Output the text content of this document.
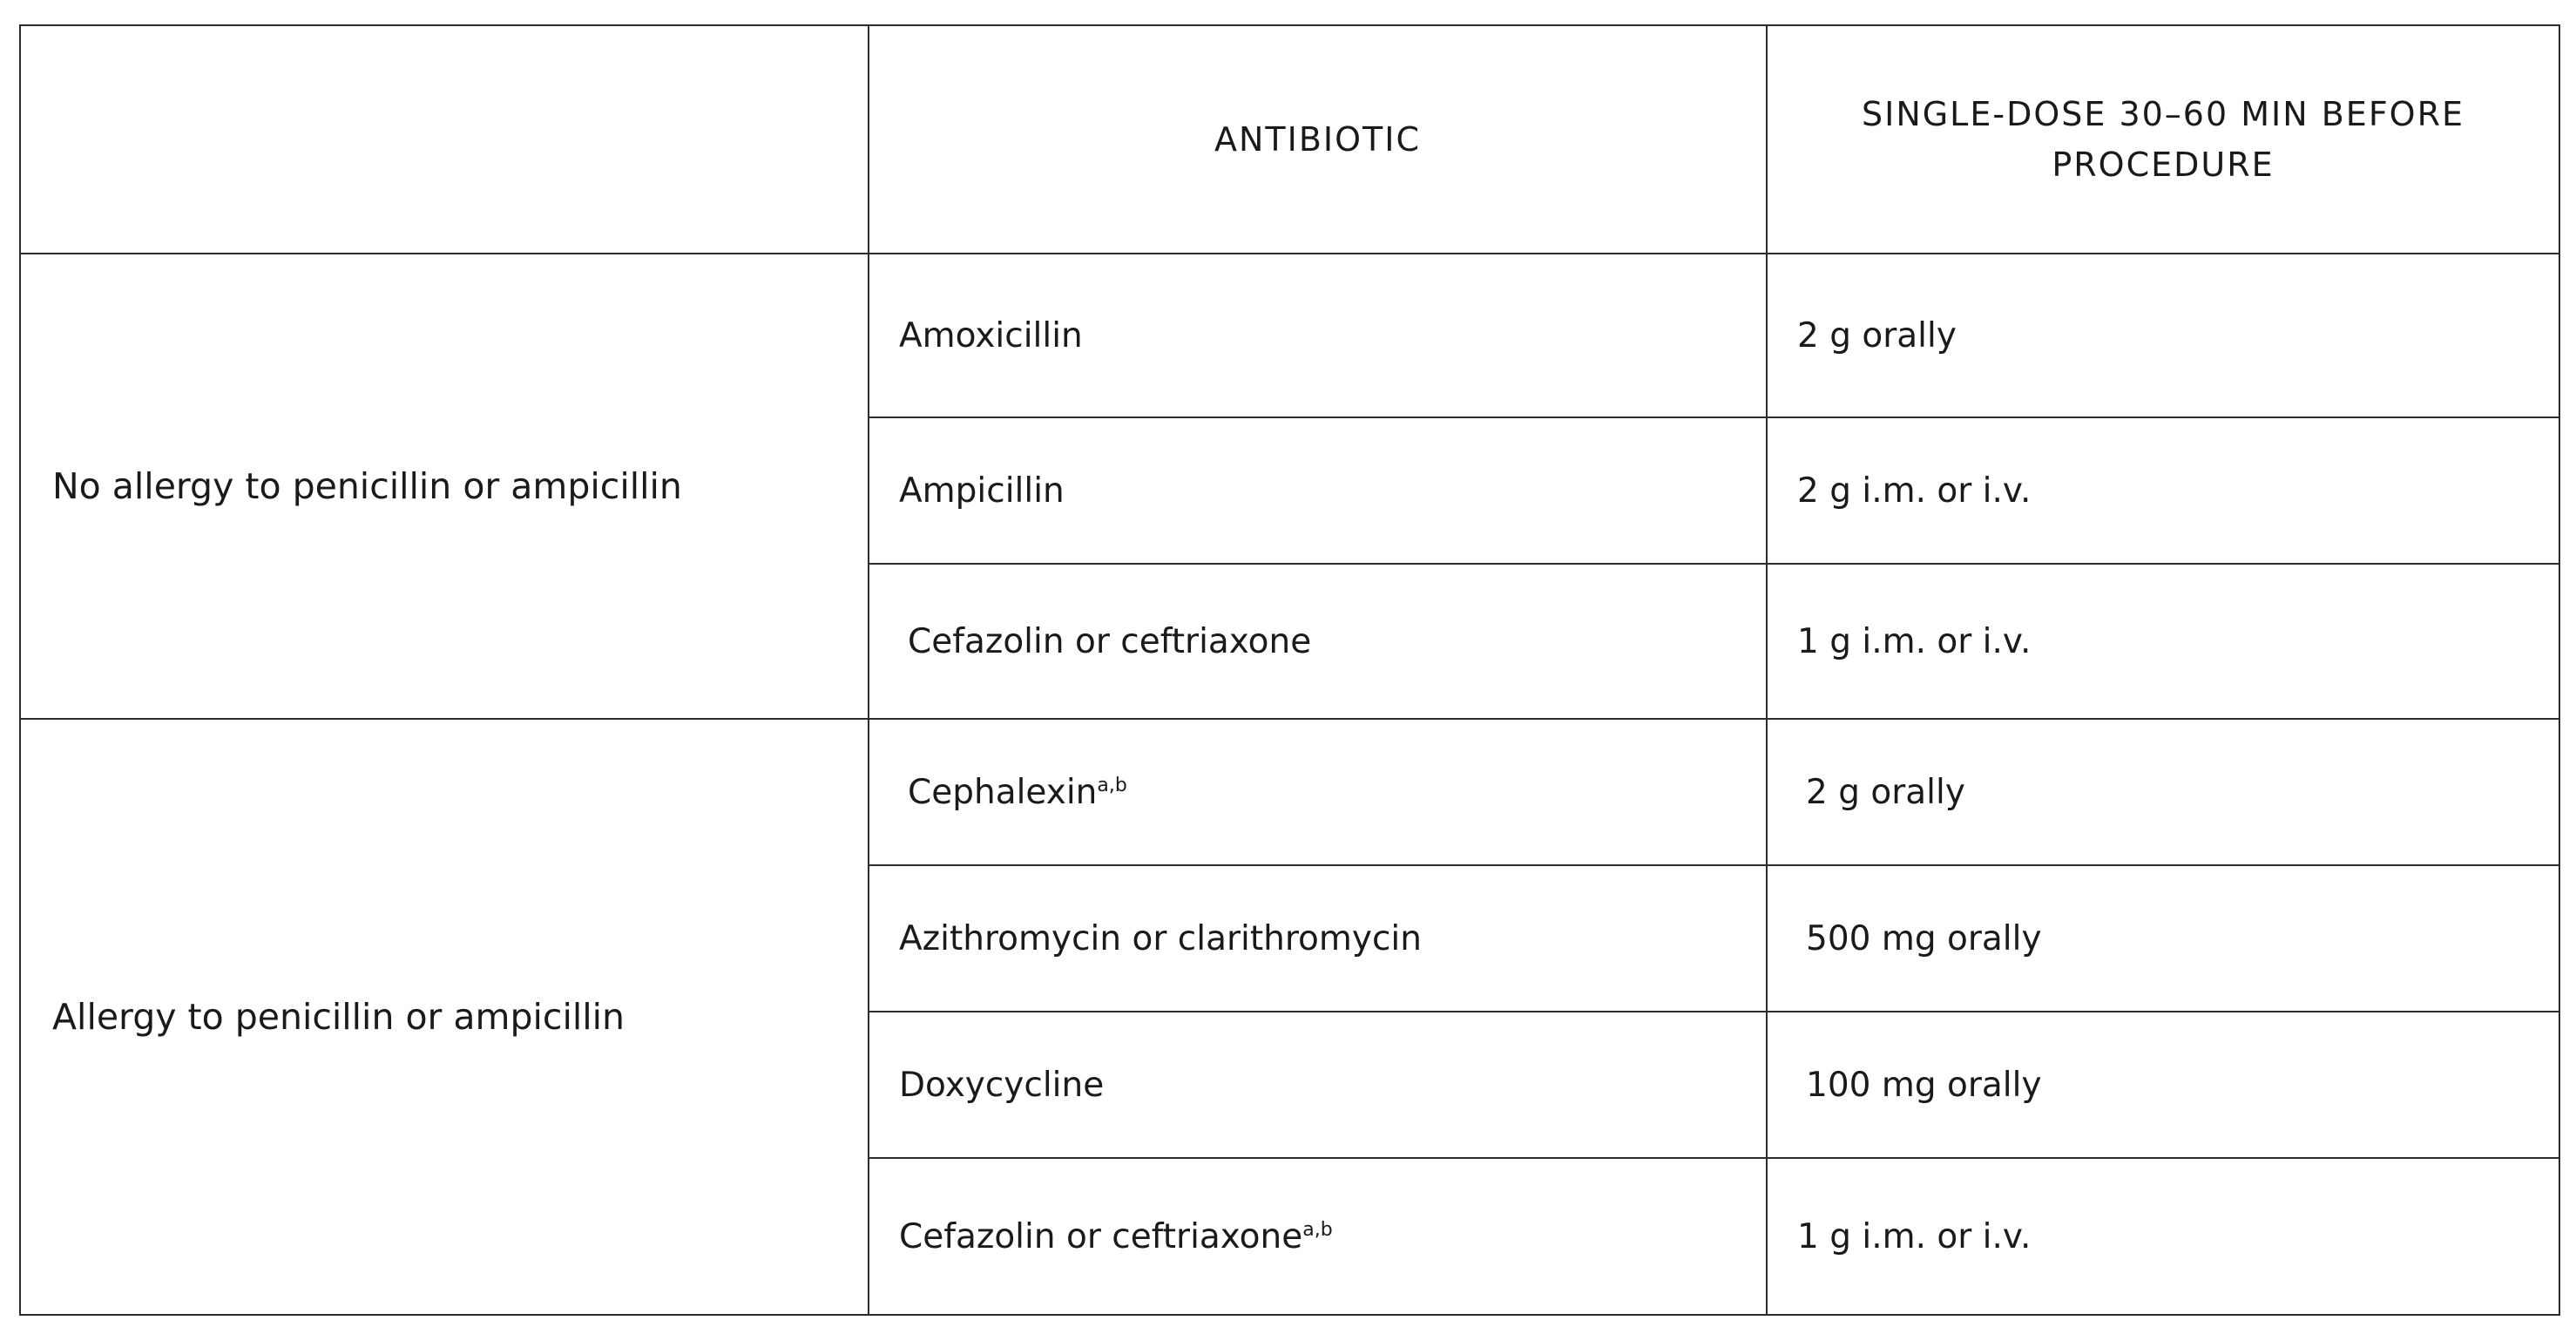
	ANTIBIOTIC	SINGLE-DOSE 30–60 MIN BEFORE PROCEDURE
No allergy to penicillin or ampicillin	Amoxicillin	2 g orally
	Ampicillin	2 g i.m. or i.v.
	Cefazolin or ceftriaxone	1 g i.m. or i.v.
Allergy to penicillin or ampicillin	Cephalexin$^{a,b}$	2 g orally
	Azithromycin or clarithromycin	500 mg orally
	Doxycycline	100 mg orally
	Cefazolin or ceftriaxone$^{a,b}$	1 g i.m. or i.v.
